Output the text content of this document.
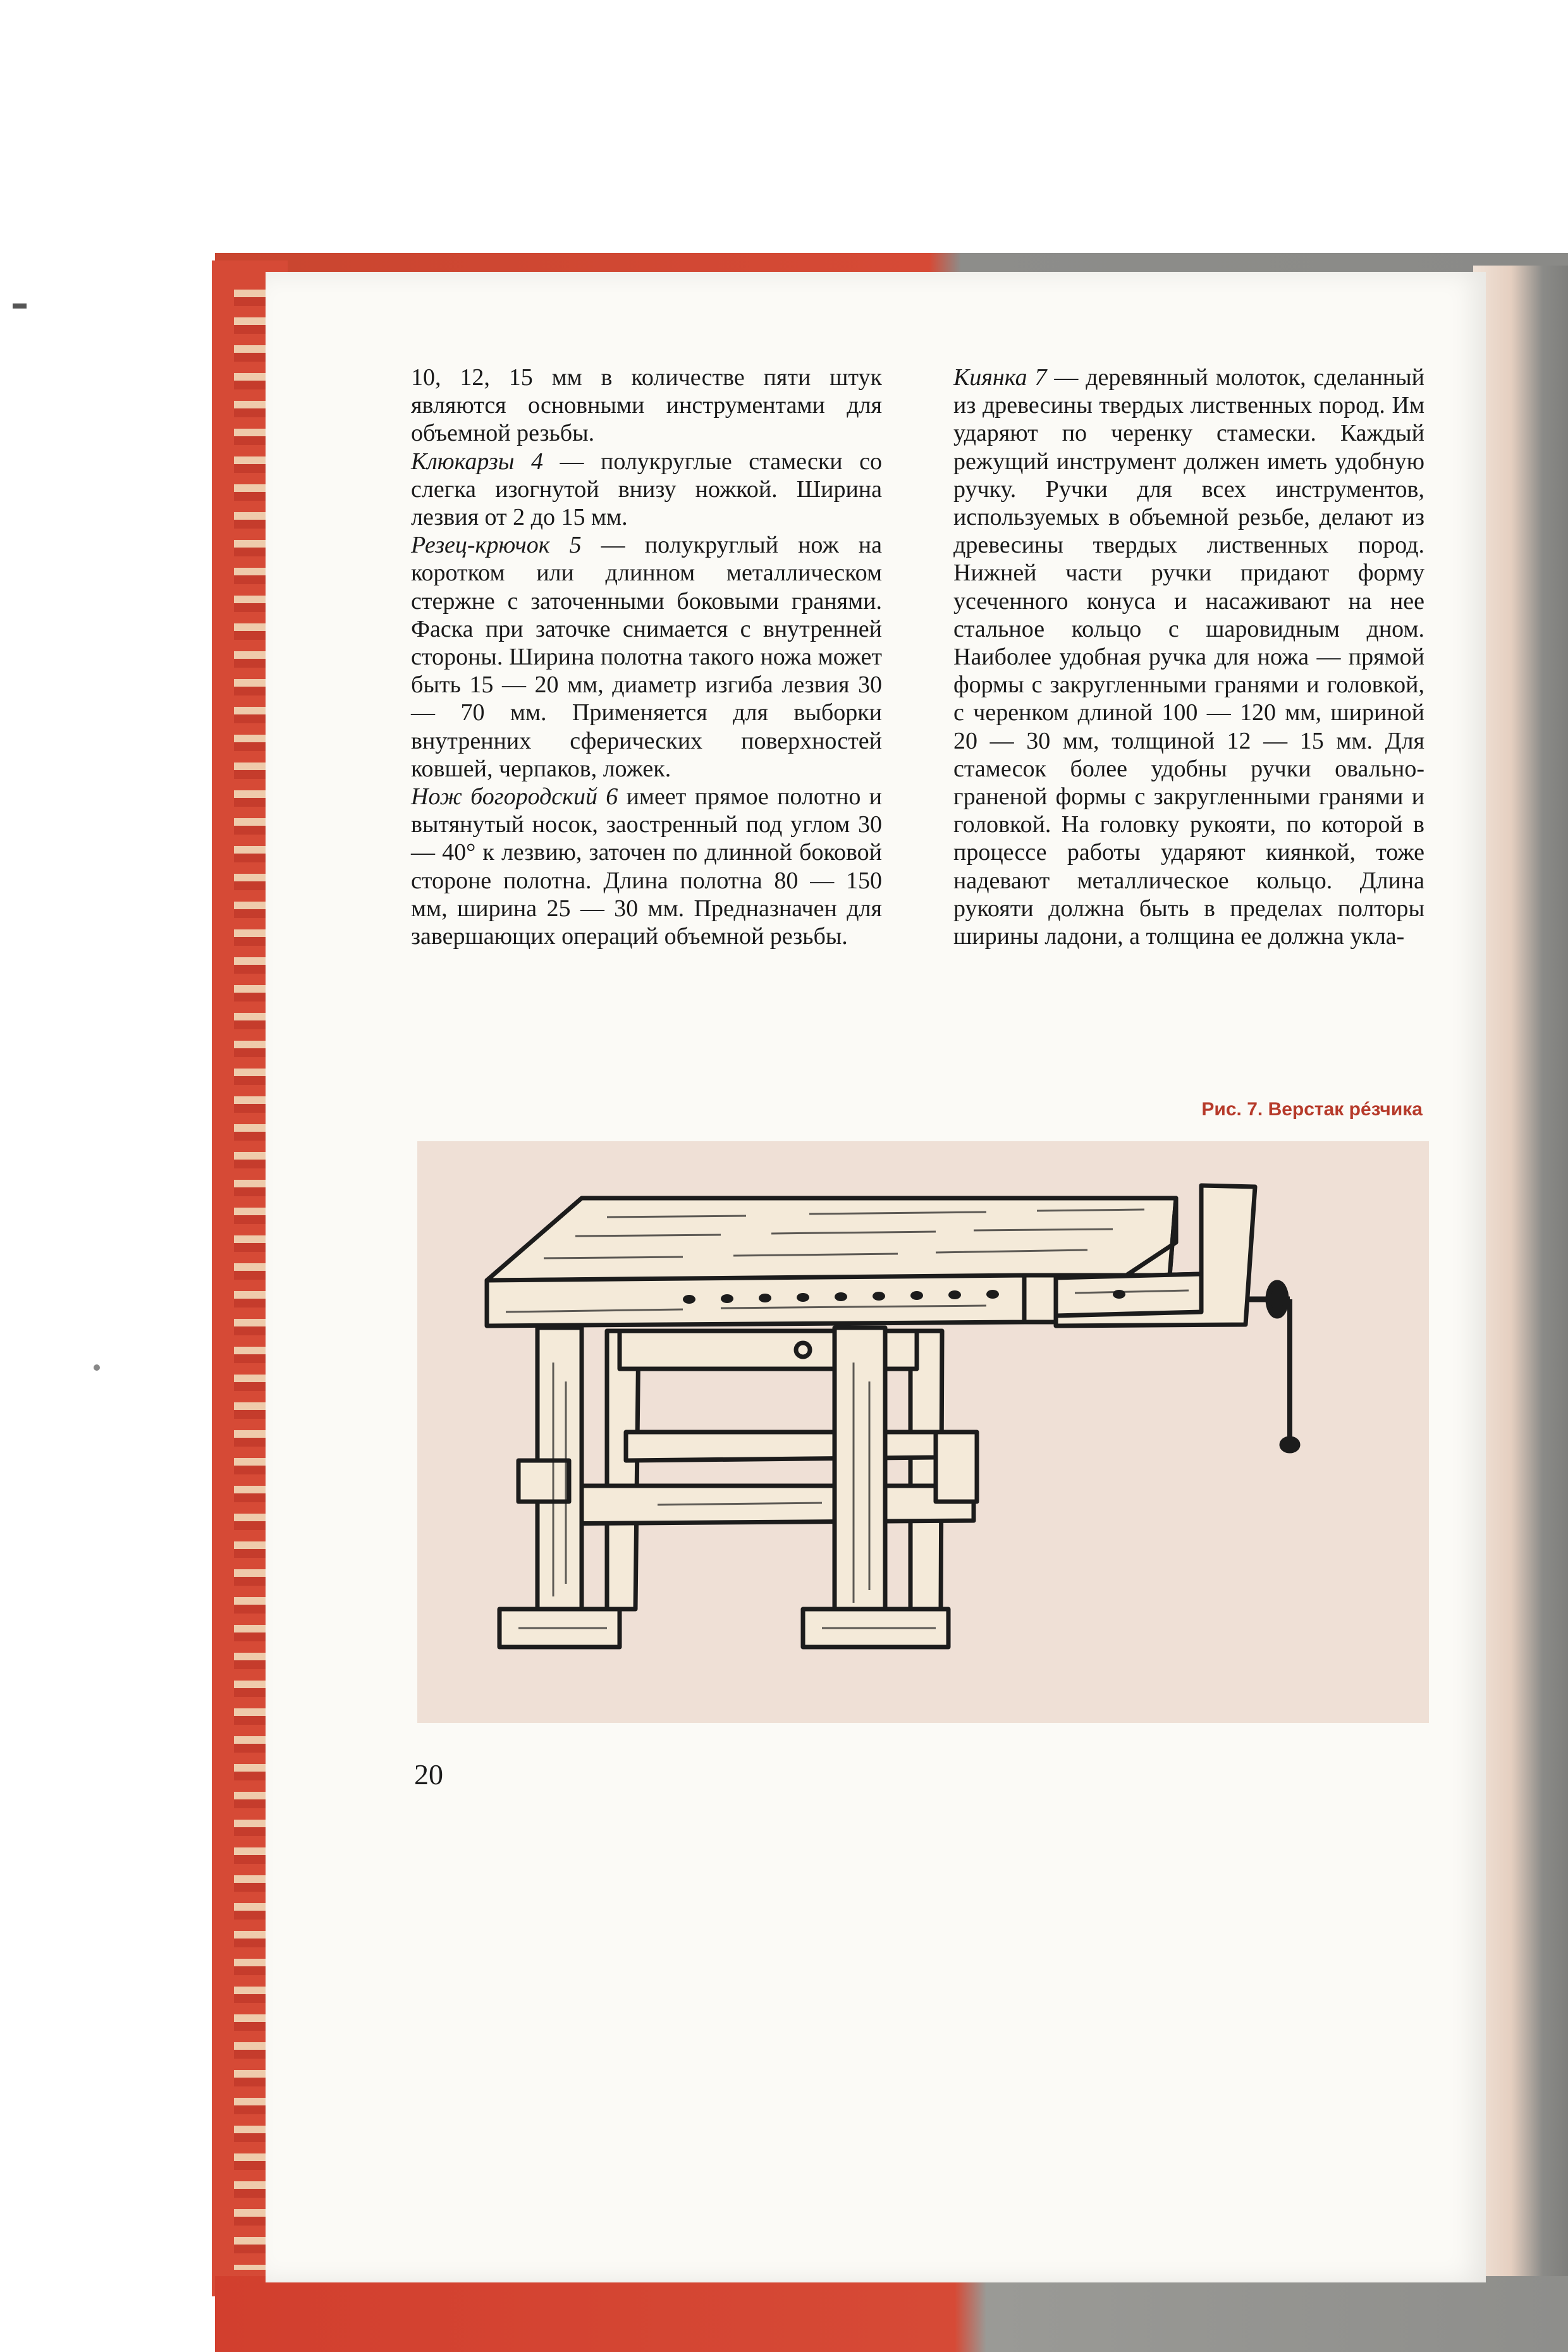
10, 12, 15 мм в количестве пяти штук являются основными инструментами для объемной резьбы.

Клюкарзы 4 — полукруглые стамески со слегка изогнутой внизу ножкой. Ширина лезвия от 2 до 15 мм.

Резец-крючок 5 — полукруглый нож на коротком или длинном металлическом стержне с заточенными боковыми гранями. Фаска при заточке снимается с внутренней стороны. Ширина полотна такого ножа может быть 15 — 20 мм, диаметр изгиба лезвия 30 — 70 мм. Применяется для выборки внутренних сферических поверхностей ковшей, черпаков, ложек.

Нож богородский 6 имеет прямое полотно и вытянутый носок, заостренный под углом 30 — 40° к лезвию, заточен по длинной боковой стороне полотна. Длина полотна 80 — 150 мм, ширина 25 — 30 мм. Предназначен для завершающих операций объемной резьбы.

Киянка 7 — деревянный молоток, сделанный из древесины твердых лиственных пород. Им ударяют по черенку стамески. Каждый режущий инструмент должен иметь удобную ручку. Ручки для всех инструментов, используемых в объемной резьбе, делают из древесины твердых лиственных пород. Нижней части ручки придают форму усеченного конуса и насаживают на нее стальное кольцо с шаровидным дном. Наиболее удобная ручка для ножа — прямой формы с закругленными гранями и головкой, с черенком длиной 100 — 120 мм, шириной 20 — 30 мм, толщиной 12 — 15 мм. Для стамесок более удобны ручки овально-граненой формы с закругленными гранями и головкой. На головку рукояти, по которой в процессе работы ударяют киянкой, тоже надевают металлическое кольцо. Длина рукояти должна быть в пределах полторы ширины ладони, а толщина ее должна укла-

Рис. 7. Верстак рéзчика
20
